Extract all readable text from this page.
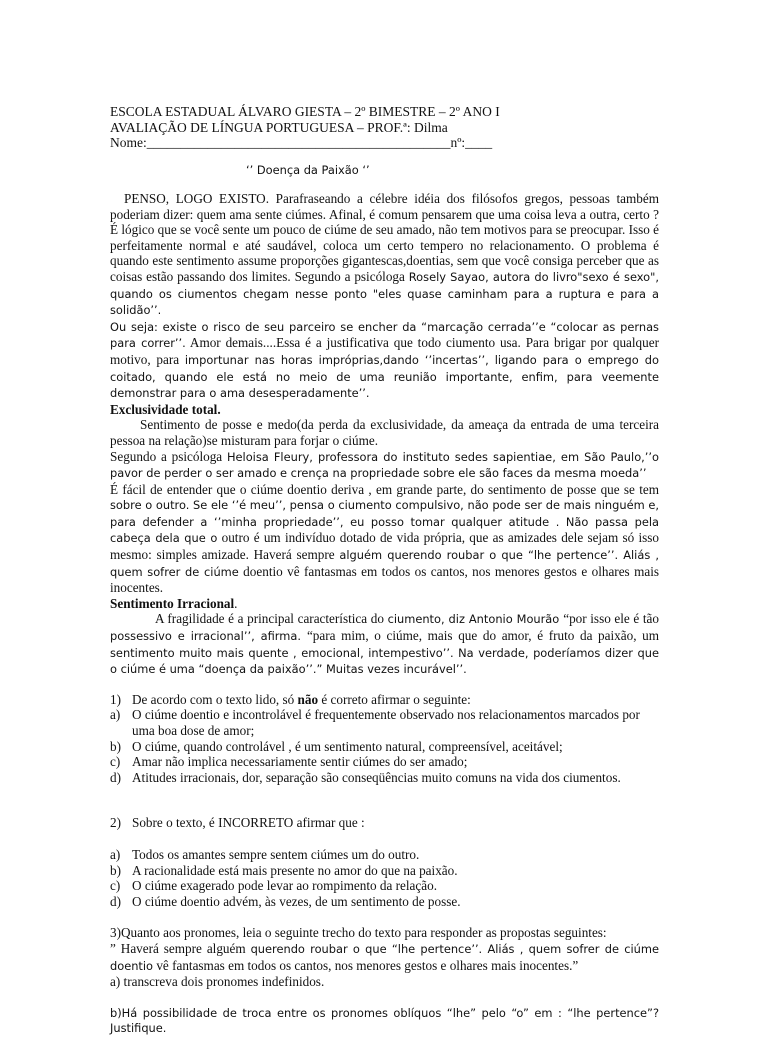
ESCOLA ESTADUAL ÁLVARO GIESTA – 2º BIMESTRE – 2º ANO I
AVALIAÇÃO DE LÍNGUA PORTUGUESA – PROF.ª: Dilma
Nome:_____________________________________________nº:____
‘’ Doença da Paixão ‘’

PENSO, LOGO EXISTO. Parafraseando a célebre idéia dos filósofos gregos, pessoas também poderiam dizer: quem ama sente ciúmes. Afinal, é comum pensarem que uma coisa leva a outra, certo ? É lógico que se você sente um pouco de ciúme de seu amado, não tem motivos para se preocupar. Isso é perfeitamente normal e até saudável, coloca um certo tempero no relacionamento. O problema é quando este sentimento assume proporções gigantescas,doentias, sem que você consiga perceber que as coisas estão passando dos limites. Segundo a psicóloga Rosely Sayao, autora do livro"sexo é sexo", quando os ciumentos chegam nesse ponto "eles quase caminham para a ruptura e para a solidão’’.

Ou seja: existe o risco de seu parceiro se encher da “marcação cerrada’’e “colocar as pernas para correr’’. Amor demais....Essa é a justificativa que todo ciumento usa. Para brigar por qualquer motivo, para importunar nas horas impróprias,dando ‘’incertas’’, ligando para o emprego do coitado, quando ele está no meio de uma reunião importante, enfim, para veemente demonstrar para o ama desesperadamente’’.

Exclusividade total.

Sentimento de posse e medo(da perda da exclusividade, da ameaça da entrada de uma terceira pessoa na relação)se misturam para forjar o ciúme.

Segundo a psicóloga Heloisa Fleury, professora do instituto sedes sapientiae, em São Paulo,’’o pavor de perder o ser amado e crença na propriedade sobre ele são faces da mesma moeda’’

É fácil de entender que o ciúme doentio deriva , em grande parte, do sentimento de posse que se tem sobre o outro. Se ele ‘’é meu’’, pensa o ciumento compulsivo, não pode ser de mais ninguém e, para defender a ‘’minha propriedade’’, eu posso tomar qualquer atitude . Não passa pela cabeça dela que o outro é um indivíduo dotado de vida própria, que as amizades dele sejam só isso mesmo: simples amizade. Haverá sempre alguém querendo roubar o que “lhe pertence’’. Aliás , quem sofrer de ciúme doentio vê fantasmas em todos os cantos, nos menores gestos e olhares mais inocentes.

Sentimento Irracional.

A fragilidade é a principal característica do ciumento, diz Antonio Mourão “por isso ele é tão possessivo e irracional’’, afirma. “para mim, o ciúme, mais que do amor, é fruto da paixão, um sentimento muito mais quente , emocional, intempestivo’’. Na verdade, poderíamos dizer que o ciúme é uma “doença da paixão’’.” Muitas vezes incurável’’.

1) De acordo com o texto lido, só não é correto afirmar o seguinte:
a) O ciúme doentio e incontrolável é frequentemente observado nos relacionamentos marcados por uma boa dose de amor;
b) O ciúme, quando controlável , é um sentimento natural, compreensível, aceitável;
c) Amar não implica necessariamente sentir ciúmes do ser amado;
d) Atitudes irracionais, dor, separação são conseqüências muito comuns na vida dos ciumentos.
2) Sobre o texto, é INCORRETO afirmar que :
a) Todos os amantes sempre sentem ciúmes um do outro.
b) A racionalidade está mais presente no amor do que na paixão.
c) O ciúme exagerado pode levar ao rompimento da relação.
d) O ciúme doentio advém, às vezes, de um sentimento de posse.

3)Quanto aos pronomes, leia o seguinte trecho do texto para responder as propostas seguintes:

” Haverá sempre alguém querendo roubar o que “lhe pertence’’. Aliás , quem sofrer de ciúme doentio vê fantasmas em todos os cantos, nos menores gestos e olhares mais inocentes.”

a) transcreva dois pronomes indefinidos.

b)Há possibilidade de troca entre os pronomes oblíquos “lhe” pelo “o” em : “lhe pertence”? Justifique.
